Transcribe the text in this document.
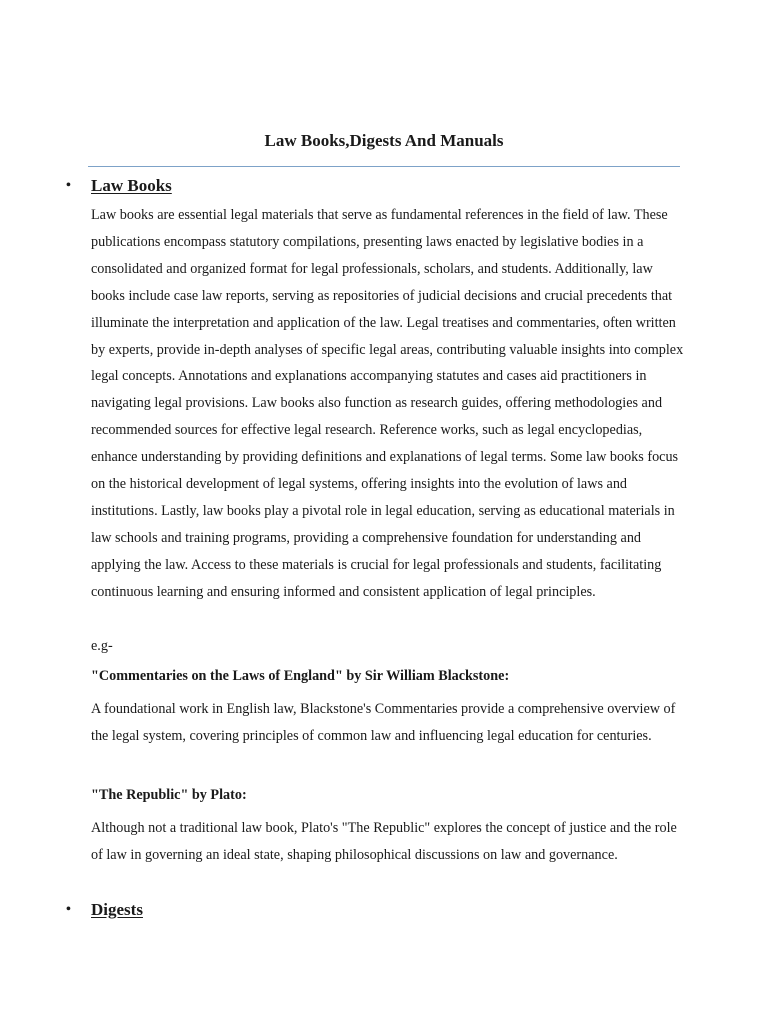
Law Books,Digests And Manuals
•	Law Books

Law books are essential legal materials that serve as fundamental references in the field of law. These publications encompass statutory compilations, presenting laws enacted by legislative bodies in a consolidated and organized format for legal professionals, scholars, and students. Additionally, law books include case law reports, serving as repositories of judicial decisions and crucial precedents that illuminate the interpretation and application of the law. Legal treatises and commentaries, often written by experts, provide in-depth analyses of specific legal areas, contributing valuable insights into complex legal concepts. Annotations and explanations accompanying statutes and cases aid practitioners in navigating legal provisions. Law books also function as research guides, offering methodologies and recommended sources for effective legal research. Reference works, such as legal encyclopedias, enhance understanding by providing definitions and explanations of legal terms. Some law books focus on the historical development of legal systems, offering insights into the evolution of laws and institutions. Lastly, law books play a pivotal role in legal education, serving as educational materials in law schools and training programs, providing a comprehensive foundation for understanding and applying the law. Access to these materials is crucial for legal professionals and students, facilitating continuous learning and ensuring informed and consistent application of legal principles.

e.g-

"Commentaries on the Laws of England" by Sir William Blackstone:

A foundational work in English law, Blackstone's Commentaries provide a comprehensive overview of the legal system, covering principles of common law and influencing legal education for centuries.

"The Republic" by Plato:

Although not a traditional law book, Plato's "The Republic" explores the concept of justice and the role of law in governing an ideal state, shaping philosophical discussions on law and governance.

•	Digests
